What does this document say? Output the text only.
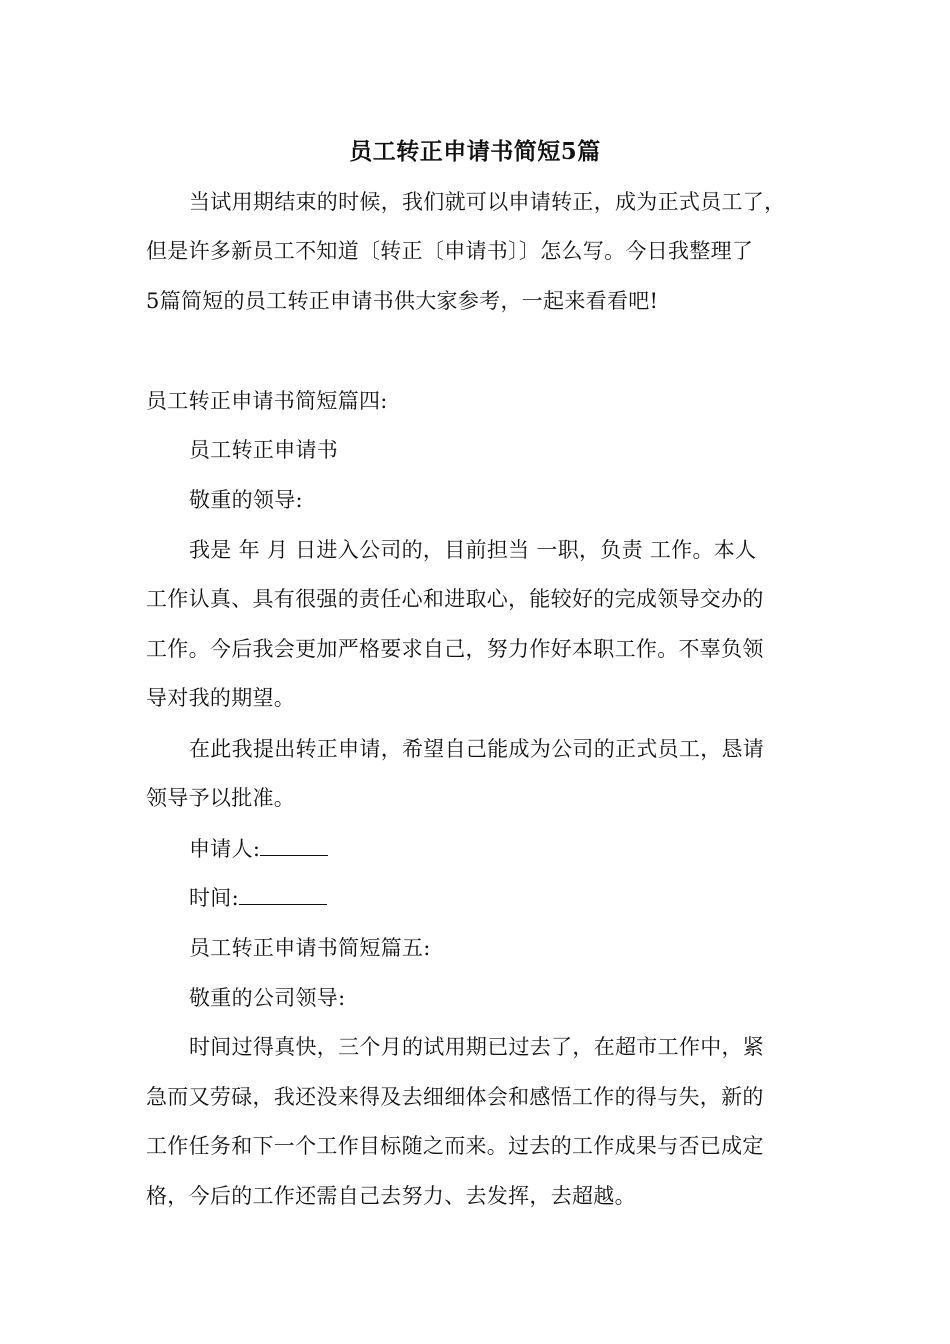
员工转正申请书简短5篇
当试用期结束的时候，我们就可以申请转正，成为正式员工了，
但是许多新员工不知道〔转正〔申请书〕〕怎么写。今日我整理了
5篇简短的员工转正申请书供大家参考，一起来看看吧!
员工转正申请书简短篇四:
员工转正申请书
敬重的领导:
我是 年 月 日进入公司的，目前担当 一职，负责 工作。本人
工作认真、具有很强的责任心和进取心，能较好的完成领导交办的
工作。今后我会更加严格要求自己，努力作好本职工作。不辜负领
导对我的期望。
在此我提出转正申请，希望自己能成为公司的正式员工，恳请
领导予以批准。
申请人:
时间:
员工转正申请书简短篇五:
敬重的公司领导:
时间过得真快，三个月的试用期已过去了，在超市工作中，紧
急而又劳碌，我还没来得及去细细体会和感悟工作的得与失，新的
工作任务和下一个工作目标随之而来。过去的工作成果与否已成定
格，今后的工作还需自己去努力、去发挥，去超越。
